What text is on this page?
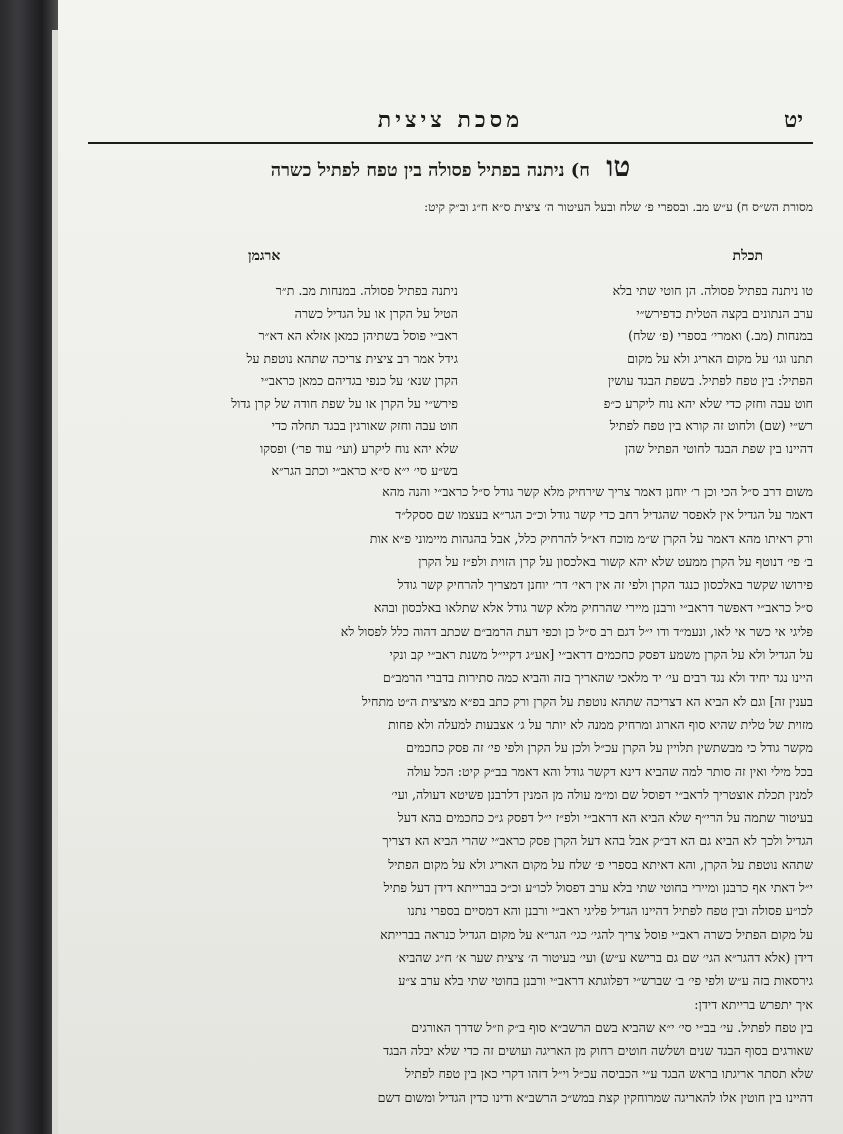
יט
מסכת ציצית
טו ח) ניתנה בפתיל פסולה בין טפח לפתיל כשרה
מסורת הש״ס ח) ע״ש מב. ובספרי פ׳ שלח ובעל העיטור ה׳ ציצית ס״א ח״ג וב״ק קיט:
תכלת
ארגמן
טו ניתנה בפתיל פסולה. הן חוטי שתי בלא
ערב הנתונים בקצה הטלית כדפירש״י
במנחות (מב.) ואמרי׳ בספרי (פ׳ שלח)
תתנו וגו׳ על מקום האריג ולא על מקום
הפתיל: בין טפח לפתיל. בשפת הבגד עושין
חוט עבה וחזק כדי שלא יהא נוח ליקרע כ״פ
רש״י (שם) ולחוט זה קורא בין טפח לפתיל
דהיינו בין שפת הבגד לחוטי הפתיל שהן
ניתנה בפתיל פסולה. במנחות מב. ת״ר
הטיל על הקרן או על הגדיל כשרה
ראב״י פוסל בשתיהן כמאן אזלא הא דא״ר
גידל אמר רב ציצית צריכה שתהא נוטפת על
הקרן שנא׳ על כנפי בגדיהם כמאן כראב״י
פירש״י על הקרן או על שפת חודה של קרן גדול
חוט עבה וחזק שאורגין בבגד תחלה כדי
שלא יהא נוח ליקרע (ועי׳ עוד פר׳) ופסקו
בש״ע סי׳ י״א ס״א כראב״י וכתב הגר״א
משום דרב ס״ל הכי וכן ר׳ יוחנן דאמר צריך שירחיק מלא קשר גודל ס״ל כראב״י והנה מהא
דאמר על הגדיל אין לאפסר שהגדיל רחב כדי קשר גודל וכ״כ הגר״א בעצמו שם ססקל״ד
ורק ראיתו מהא דאמר על הקרן ש״מ מוכח דא״ל להרחיק כלל, אבל בהגהות מיימוני פ״א אות
ב׳ פי׳ דנוטף על הקרן ממעט שלא יהא קשור באלכסון על קרן הזוית ולפ״ז על הקרן
פירושו שקשר באלכסון כנגד הקרן ולפי זה אין ראי׳ דר׳ יוחנן דמצריך להרחיק קשר גודל
ס״ל כראב״י דאפשר דראב״י ורבנן מיירי שהרחיק מלא קשר גודל אלא שתלאו באלכסון ובהא
פליגי אי כשר אי לאו, ונעמ״ד ודו י״ל דגם רב ס״ל כן וכפי דעת הרמב״ם שכתב דהוה כלל לפסול לא
על הגדיל ולא על הקרן משמע דפסק כחכמים דראב״י [אע״ג דקיי״ל משנת ראב״י קב ונקי
היינו נגד יחיד ולא נגד רבים עי׳ יד מלאכי שהאריך בזה והביא כמה סתירות בדברי הרמב״ם
בענין זה] וגם לא הביא הא דצריכה שתהא נוטפת על הקרן ורק כתב בפ״א מציצית ה״ט מתחיל
מזוית של טלית שהיא סוף הארוג ומרחיק ממנה לא יותר על ג׳ אצבעות למעלה ולא פחות
מקשר גודל כי מבשתשין תלויין על הקרן עכ״ל ולכן על הקרן ולפי פי׳ זה פסק כחכמים
בכל מילי ואין זה סותר למה שהביא דינא דקשר גודל והא דאמר בב״ק קיט: הכל עולה
למנין תכלת אוצטריך לראב״י דפוסל שם ומ״מ עולה מן המנין דלרבנן פשיטא דעולה, ועי׳
בעיטור שתמה על הרי״ף שלא הביא הא דראב״י ולפ״ז י״ל דפסק ג״כ כחכמים בהא דעל
הגדיל ולכך לא הביא גם הא דב״ק אבל בהא דעל הקרן פסק כראב״י שהרי הביא הא דצריך
שתהא נוטפת על הקרן, והא דאיתא בספרי פ׳ שלח על מקום האריג ולא על מקום הפתיל
י״ל דאתי אף כרבנן ומיירי בחוטי שתי בלא ערב דפסול לכו״ע וכ״כ בברייתא דידן דעל פתיל
לכו״ע פסולה ובין טפח לפתיל דהיינו הגדיל פליגי ראב״י ורבנן והא דמסיים בספרי נתנו
על מקום הפתיל כשרה ראב״י פוסל צריך להגי׳ כגי׳ הגר״א על מקום הגדיל כנראה בברייתא
דידן (אלא דהגר״א הגי׳ שם גם ברישא ע״ש) ועי׳ בעיטור ה׳ ציצית שער א׳ ח״ג שהביא
גירסאות בזה ע״ש ולפי פי׳ ב׳ שברש״י דפלוגתא דראב״י ורבנן בחוטי שתי בלא ערב צ״ע
איך יתפרש ברייתא דידן:
בין טפח לפתיל. עי׳ בב״י סי׳ י״א שהביא בשם הרשב״א סוף ב״ק וז״ל שדרך האורגים
שאורגים בסוף הבגד שנים ושלשה חוטים רחוק מן האריגה ועושים זה כדי שלא יבלה הבגד
שלא תסתר אריגתו בראש הבגד ע״י הכביסה עכ״ל וי״ל דזהו דקרי כאן בין טפח לפתיל
דהיינו בין חוטין אלו להאריגה שמרוחקין קצת במש״כ הרשב״א ודינו כדין הגדיל ומשום דשם
